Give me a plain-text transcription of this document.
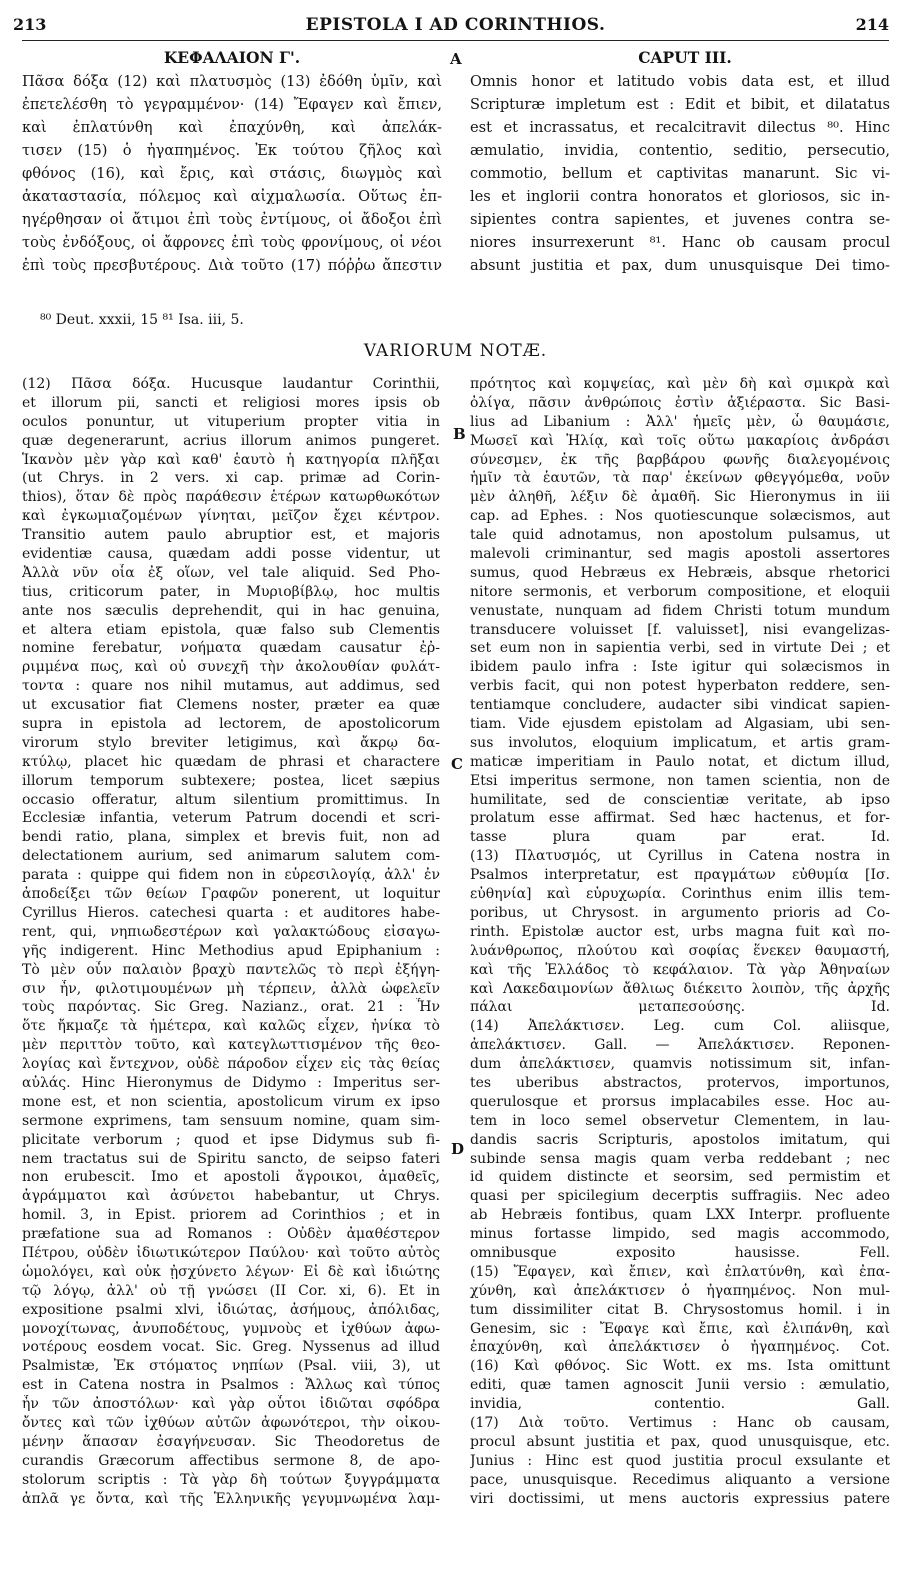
213	EPISTOLA I AD CORINTHIOS.	214
ΚΕΦΑΛΑΙΟΝ Γ'.	A	CAPUT III.
Πᾶσα δόξα (12) καὶ πλατυσμὸς (13) ἐδόθη ὑμῖν, καὶ
ἐπετελέσθη τὸ γεγραμμένον· (14) Ἔφαγεν καὶ ἔπιεν,
καὶ ἐπλατύνθη καὶ ἐπαχύνθη, καὶ ἀπελάκ-
τισεν (15) ὁ ἠγαπημένος. Ἐκ τούτου ζῆλος καὶ
φθόνος (16), καὶ ἔρις, καὶ στάσις, διωγμὸς καὶ
ἀκαταστασία, πόλεμος καὶ αἰχμαλωσία. Οὕτως ἐπ-
ηγέρθησαν οἱ ἄτιμοι ἐπὶ τοὺς ἐντίμους, οἱ ἄδοξοι ἐπὶ
τοὺς ἐνδόξους, οἱ ἄφρονες ἐπὶ τοὺς φρονίμους, οἱ νέοι
ἐπὶ τοὺς πρεσβυτέρους. Διὰ τοῦτο (17) πόῤῥω ἄπεστιν
Omnis honor et latitudo vobis data est, et illud
Scripturæ impletum est : Edit et bibit, et dilatatus
est et incrassatus, et recalcitravit dilectus ⁸⁰. Hinc
æmulatio, invidia, contentio, seditio, persecutio,
commotio, bellum et captivitas manarunt. Sic vi-
les et inglorii contra honoratos et gloriosos, sic in-
sipientes contra sapientes, et juvenes contra se-
niores insurrexerunt ⁸¹. Hanc ob causam procul
absunt justitia et pax, dum unusquisque Dei timo-
⁸⁰ Deut. xxxii, 15 ⁸¹ Isa. iii, 5.
VARIORUM NOTÆ.
B
C
D
(12) Πᾶσα δόξα. Hucusque laudantur Corinthii,
et illorum pii, sancti et religiosi mores ipsis ob
oculos ponuntur, ut vituperium propter vitia in
quæ degenerarunt, acrius illorum animos pungeret.
Ἱκανὸν μὲν γὰρ καὶ καθ' ἑαυτὸ ἡ κατηγορία πλῆξαι
(ut Chrys. in 2 vers. xi cap. primæ ad Corin-
thios), ὅταν δὲ πρὸς παράθεσιν ἑτέρων κατωρθωκότων
καὶ ἐγκωμιαζομένων γίνηται, μεῖζον ἔχει κέντρον.
Transitio autem paulo abruptior est, et majoris
evidentiæ causa, quædam addi posse videntur, ut
Ἀλλὰ νῦν οἷα ἐξ οἵων, vel tale aliquid. Sed Pho-
tius, criticorum pater, in Μυριοβίβλῳ, hoc multis
ante nos sæculis deprehendit, qui in hac genuina,
et altera etiam epistola, quæ falso sub Clementis
nomine ferebatur, νοήματα quædam causatur ἐῤ-
ριμμένα πως, καὶ οὐ συνεχῆ τὴν ἀκολουθίαν φυλάτ-
τοντα : quare nos nihil mutamus, aut addimus, sed
ut excusatior fiat Clemens noster, præter ea quæ
supra in epistola ad lectorem, de apostolicorum
virorum stylo breviter letigimus, καὶ ἄκρῳ δα-
κτύλῳ, placet hic quædam de phrasi et charactere
illorum temporum subtexere; postea, licet sæpius
occasio offeratur, altum silentium promittimus. In
Ecclesiæ infantia, veterum Patrum docendi et scri-
bendi ratio, plana, simplex et brevis fuit, non ad
delectationem aurium, sed animarum salutem com-
parata : quippe qui fidem non in εὑρεσιλογίᾳ, ἀλλ' ἐν
ἀποδείξει τῶν θείων Γραφῶν ponerent, ut loquitur
Cyrillus Hieros. catechesi quarta : et auditores habe-
rent, qui, νηπιωδεστέρων καὶ γαλακτώδους εἰσαγω-
γῆς indigerent. Hinc Methodius apud Epiphanium :
Τὸ μὲν οὖν παλαιὸν βραχὺ παντελῶς τὸ περὶ ἐξήγη-
σιν ἦν, φιλοτιμουμένων μὴ τέρπειν, ἀλλὰ ὠφελεῖν
τοὺς παρόντας. Sic Greg. Nazianz., orat. 21 : Ἦν
ὅτε ἤκμαζε τὰ ἡμέτερα, καὶ καλῶς εἶχεν, ἡνίκα τὸ
μὲν περιττὸν τοῦτο, καὶ κατεγλωττισμένον τῆς θεο-
λογίας καὶ ἔντεχνον, οὐδὲ πάροδον εἶχεν εἰς τὰς θείας
αὐλάς. Hinc Hieronymus de Didymo : Imperitus ser-
mone est, et non scientia, apostolicum virum ex ipso
sermone exprimens, tam sensuum nomine, quam sim-
plicitate verborum ; quod et ipse Didymus sub fi-
nem tractatus sui de Spiritu sancto, de seipso fateri
non erubescit. Imo et apostoli ἄγροικοι, ἀμαθεῖς,
ἀγράμματοι καὶ ἀσύνετοι habebantur, ut Chrys.
homil. 3, in Epist. priorem ad Corinthios ; et in
præfatione sua ad Romanos : Οὐδὲν ἀμαθέστερον
Πέτρου, οὐδὲν ἰδιωτικώτερον Παύλου· καὶ τοῦτο αὐτὸς
ὡμολόγει, καὶ οὐκ ᾐσχύνετο λέγων· Εἰ δὲ καὶ ἰδιώτης
τῷ λόγῳ, ἀλλ' οὐ τῇ γνώσει (II Cor. xi, 6). Et in
expositione psalmi xlvi, ἰδιώτας, ἀσήμους, ἀπόλιδας,
μονοχίτωνας, ἀνυποδέτους, γυμνοὺς et ἰχθύων ἀφω-
νοτέρους eosdem vocat. Sic. Greg. Nyssenus ad illud
Psalmistæ, Ἐκ στόματος νηπίων (Psal. viii, 3), ut
est in Catena nostra in Psalmos : Ἄλλως καὶ τύπος
ἦν τῶν ἀποστόλων· καὶ γὰρ οὗτοι ἰδιῶται σφόδρα
ὄντες καὶ τῶν ἰχθύων αὐτῶν ἀφωνότεροι, τὴν οἰκου-
μένην ἅπασαν ἐσαγήνευσαν. Sic Theodoretus de
curandis Græcorum affectibus sermone 8, de apo-
stolorum scriptis : Τὰ γὰρ δὴ τούτων ξυγγράμματα
ἁπλᾶ γε ὄντα, καὶ τῆς Ἑλληνικῆς γεγυμνωμένα λαμ-
πρότητος καὶ κομψείας, καὶ μὲν δὴ καὶ σμικρὰ καὶ
ὀλίγα, πᾶσιν ἀνθρώποις ἐστὶν ἀξιέραστα. Sic Basi-
lius ad Libanium : Ἀλλ' ἡμεῖς μὲν, ὦ θαυμάσιε,
Μωσεῖ καὶ Ἠλίᾳ, καὶ τοῖς οὕτω μακαρίοις ἀνδράσι
σύνεσμεν, ἐκ τῆς βαρβάρου φωνῆς διαλεγομένοις
ἡμῖν τὰ ἑαυτῶν, τὰ παρ' ἐκείνων φθεγγόμεθα, νοῦν
μὲν ἀληθῆ, λέξιν δὲ ἀμαθῆ. Sic Hieronymus in iii
cap. ad Ephes. : Nos quotiescunque solæcismos, aut
tale quid adnotamus, non apostolum pulsamus, ut
malevoli criminantur, sed magis apostoli assertores
sumus, quod Hebræus ex Hebræis, absque rhetorici
nitore sermonis, et verborum compositione, et eloquii
venustate, nunquam ad fidem Christi totum mundum
transducere voluisset [f. valuisset], nisi evangelizas-
set eum non in sapientia verbi, sed in virtute Dei ; et
ibidem paulo infra : Iste igitur qui solæcismos in
verbis facit, qui non potest hyperbaton reddere, sen-
tentiamque concludere, audacter sibi vindicat sapien-
tiam. Vide ejusdem epistolam ad Algasiam, ubi sen-
sus involutos, eloquium implicatum, et artis gram-
maticæ imperitiam in Paulo notat, et dictum illud,
Etsi imperitus sermone, non tamen scientia, non de
humilitate, sed de conscientiæ veritate, ab ipso
prolatum esse affirmat. Sed hæc hactenus, et for-
tasse plura quam par erat. Id.
(13) Πλατυσμός, ut Cyrillus in Catena nostra in
Psalmos interpretatur, est πραγμάτων εὐθυμία [Ισ.
εὐθηνία] καὶ εὐρυχωρία. Corinthus enim illis tem-
poribus, ut Chrysost. in argumento prioris ad Co-
rinth. Epistolæ auctor est, urbs magna fuit καὶ πο-
λυάνθρωπος, πλούτου καὶ σοφίας ἕνεκεν θαυμαστή,
καὶ τῆς Ἑλλάδος τὸ κεφάλαιον. Τὰ γὰρ Ἀθηναίων
καὶ Λακεδαιμονίων ἄθλιως διέκειτο λοιπὸν, τῆς ἀρχῆς
πάλαι μεταπεσούσης. Id.
(14) Ἀπελάκτισεν. Leg. cum Col. aliisque,
ἀπελάκτισεν. Gall. — Ἀπελάκτισεν. Reponen-
dum ἀπελάκτισεν, quamvis notissimum sit, infan-
tes uberibus abstractos, protervos, importunos,
querulosque et prorsus implacabiles esse. Hoc au-
tem in loco semel observetur Clementem, in lau-
dandis sacris Scripturis, apostolos imitatum, qui
subinde sensa magis quam verba reddebant ; nec
id quidem distincte et seorsim, sed permistim et
quasi per spicilegium decerptis suffragiis. Nec adeo
ab Hebræis fontibus, quam LXX Interpr. profluente
minus fortasse limpido, sed magis accommodo,
omnibusque exposito hausisse. Fell.
(15) Ἔφαγεν, καὶ ἔπιεν, καὶ ἐπλατύνθη, καὶ ἐπα-
χύνθη, καὶ ἀπελάκτισεν ὁ ἠγαπημένος. Non mul-
tum dissimiliter citat B. Chrysostomus homil. i in
Genesim, sic : Ἔφαγε καὶ ἔπιε, καὶ ἐλιπάνθη, καὶ
ἐπαχύνθη, καὶ ἀπελάκτισεν ὁ ἠγαπημένος. Cot.
(16) Καὶ φθόνος. Sic Wott. ex ms. Ista omittunt
editi, quæ tamen agnoscit Junii versio : æmulatio,
invidia, contentio. Gall.
(17) Διὰ τοῦτο. Vertimus : Hanc ob causam,
procul absunt justitia et pax, quod unusquisque, etc.
Junius : Hinc est quod justitia procul exsulante et
pace, unusquisque. Recedimus aliquanto a versione
viri doctissimi, ut mens auctoris expressius patere
